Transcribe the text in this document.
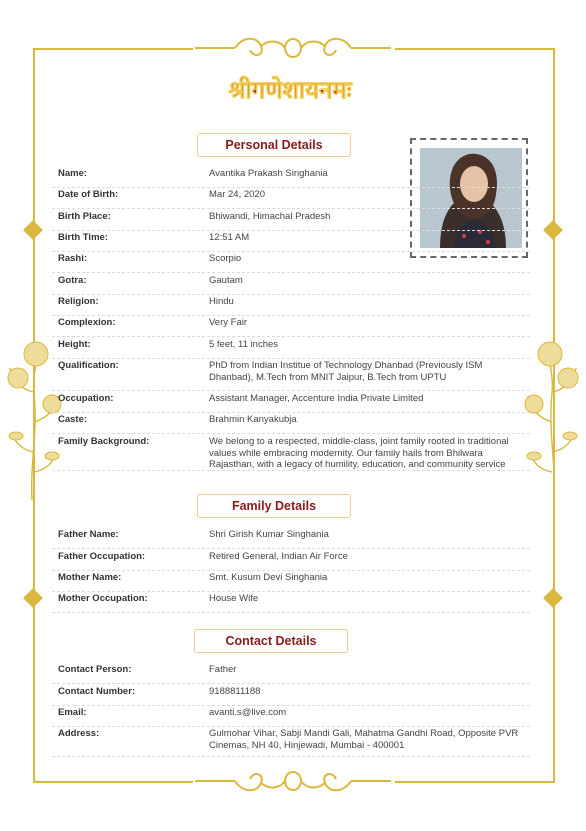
श्रीगणेशायनमः
Personal Details
Family Details
Contact Details
Name:	Avantika Prakash Singhania
Date of Birth:	Mar 24, 2020
Birth Place:	Bhiwandi, Himachal Pradesh
Birth Time:	12:51 AM
Rashi:	Scorpio
Gotra:	Gautam
Religion:	Hindu
Complexion:	Very Fair
Height:	5 feet, 11 inches
Qualification:	PhD from Indian Institue of Technology Dhanbad (Previously ISM Dhanbad), M.Tech from MNIT Jaipur, B.Tech from UPTU
Occupation:	Assistant Manager, Accenture India Private Limited
Caste:	Brahmin Kanyakubja
Family Background:	We belong to a respected, middle-class, joint family rooted in traditional values while embracing modernity. Our family hails from Bhilwara Rajasthan, with a legacy of humility, education, and community service
Father Name:	Shri Girish Kumar Singhania
Father Occupation:	Retired General, Indian Air Force
Mother Name:	Smt. Kusum Devi Singhania
Mother Occupation:	House Wife
Contact Person:	Father
Contact Number:	9188811188
Email:	avanti.s@live.com
Address:	Gulmohar Vihar, Sabji Mandi Gali, Mahatma Gandhi Road, Opposite PVR Cinemas, NH 40, Hinjewadi, Mumbai - 400001
